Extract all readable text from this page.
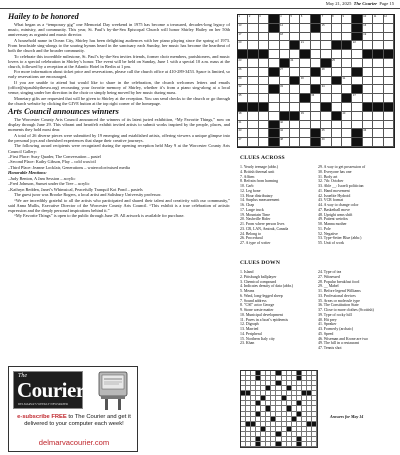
May 21, 2025 The Courier Page 15
Hailey to be honored

What began as a “temporary gig” one Memorial Day weekend in 1975 has become a treasured, decades-long legacy of music, ministry, and community. This year, St. Paul’s by-the-Sea Episcopal Church will honor Shirley Hailey on her 50th anniversary as organist and music director.

A household name in Ocean City, Shirley has been delighting audiences with her piano playing since the spring of 1973. From beachside sing-alongs to the soaring hymns heard in the sanctuary each Sunday, her music has become the heartbeat of both the church and the broader community.

To celebrate this incredible milestone, St. Paul’s by-the-Sea invites friends, former choir members, parishioners, and music lovers to a special celebration in Shirley’s honor. The event will be held on Sunday, June 1 with a special 10 a.m. mass at the church, followed by a reception at the Atlantic Hotel in Berlin at 1 pm.

For more information about ticket price and reservations, please call the church office at 410-289-3453. Space is limited, so early reservations are encouraged.

If you are unable to attend but would like to share in the celebration, the church welcomes letters and emails (office@stpaulsbythesea.org) recounting your favorite memory of Shirley, whether it’s from a piano sing-along at a local venue, singing under her direction in the choir or simply being moved by her music during mass.

Monetary gifts are requested that will be given to Shirley at the reception. You can send checks to the church or go through the church website by clicking the GIVE button at the top right corner of the homepage.

Arts Council announces winners

The Worcester County Arts Council announced the winners of its latest juried exhibition, “My Favorite Things,” now on display through June 29. This vibrant and heartfelt exhibit invited artists to submit works inspired by the people, places, and moments they hold most dear.

A total of 26 diverse pieces were submitted by 19 emerging and established artists, offering viewers a unique glimpse into the personal joys and cherished experiences that shape their creative journeys.

The following award recipients were recognized during the opening reception held May 9 at the Worcester County Arts Council Gallery:

–First Place: Suzy Quader, The Conversation – pastel

–Second Place: Kathy Gibson, Play – cold wax/oil

–Third Place: Jeanne Locklair, Generations – watercolor/mixed media

Honorable Mentions:

–Judy Benton, A Jam Session – acrylic

–Fred Johnson, Sunset under the Tree – acrylic

–Kathryn Redden, Janet’s Whimsical, Peacefully Tranquil Koi Pond – pastels

The guest juror was Brooke Rogers, a local artist and Salisbury University professor.

“We are incredibly grateful to all the artists who participated and shared their talent and creativity with our community,” said Anna Mullis, Executive Director of the Worcester County Arts Council. “This exhibit is a true celebration of artistic expression and the deeply personal inspirations behind it.”

“My Favorite Things” is open to the public through June 29. All artwork is available for purchase.

The
Courier
DELMARVA’S WEEKLY NEWSPAPER
e-subscribe FREE to The Courier and get it
delivered to your computer each week!
delmarvacourier.com
1	2	3	4	5	6	7	8	9	10	11	12
13	14	15	16
17	18	19
20	21	22
23	24	25
26	27	28
29	30	31
32	33	34
35	36	37
38	39	40
41	42
43	44	45	46
47	48	49
CLUES ACROSS
1. Yearly teenage (abbr.)
4. British thermal unit
7. Affirm
8. Refrain from harming
10. Carb
12. Leg bone
13. Hour distributary
14. Surplus measurement
16. Chap
17. Large truck
19. Mountain Time
20. Nashville Rider
21. From where person lives
23. CB, LAN, Amtrak, Canada
24. Belong to
26. Procedural
27. A type of writer
29. A way to get possession of
30. Everyone has one
31. Body art
32. 7th: October
33. Able __: Israeli politician
41. Hand movement
42. Israelite Hydroid
43. VCR format
44. A way to change color
47. Basketball move
48. Upright arms shift
49. Patient weirdos
50. Manna mother
51. Pole
52. Negative
53. Type-Setter Blue (abbr.)
55. Unit of work
CLUES DOWN
1. Island
2. Pittsburgh ballplayer
3. Chemical compound
4. Indicates density of data (abbr.)
5. Means
6. Wind, long-legged sheep
7. Sound address
8. "CSI" actor George
9. Stone waste matter
10. Municipal development
11. Paves in a boat’s epidermis
12. Digraph
13. Married
14. Peripheral
15. Northern Italy city
23. Khan
24. Type of tea
27. Witnessed
28. Popular breakfast food
29. __ Mabel
31. Before legend Williams
33. Professional devices
35. Areas or molecule type
36. The Constitution State
37. Close to more clothes (Scottish)
39. Type of rocky hill
40. Hit prey
41. Speaker
43. Formerly (archaic)
45. Speed
46. Wiseman and Krone are two
49. The hill in a restaurant
47. Tennis shot
Answers for May 14
